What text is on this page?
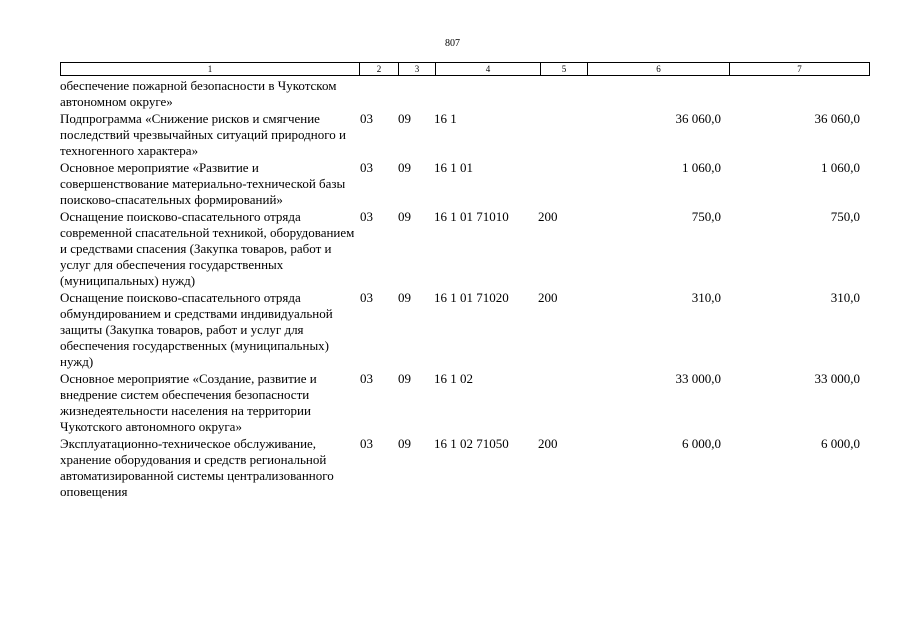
807
1	2	3	4	5	6	7
обеспечение пожарной безопасности в Чукотском автономном округе»						
Подпрограмма «Снижение рисков и смягчение последствий чрезвычайных ситуаций природного и техногенного характера»	03	09	16 1		36 060,0	36 060,0
Основное мероприятие «Развитие и совершенствование материально-технической базы поисково-спасательных формирований»	03	09	16 1 01		1 060,0	1 060,0
Оснащение поисково-спасательного отряда современной спасательной техникой, оборудованием и средствами спасения (Закупка товаров, работ и услуг для обеспечения государственных (муниципальных) нужд)	03	09	16 1 01 71010	200	750,0	750,0
Оснащение поисково-спасательного отряда обмундированием и средствами индивидуальной защиты (Закупка товаров, работ и услуг для обеспечения государственных (муниципальных) нужд)	03	09	16 1 01 71020	200	310,0	310,0
Основное мероприятие «Создание, развитие и внедрение систем обеспечения безопасности жизнедеятельности населения на территории Чукотского автономного округа»	03	09	16 1 02		33 000,0	33 000,0
Эксплуатационно-техническое обслуживание, хранение оборудования и средств региональной автоматизированной системы централизованного оповещения	03	09	16 1 02 71050	200	6 000,0	6 000,0
